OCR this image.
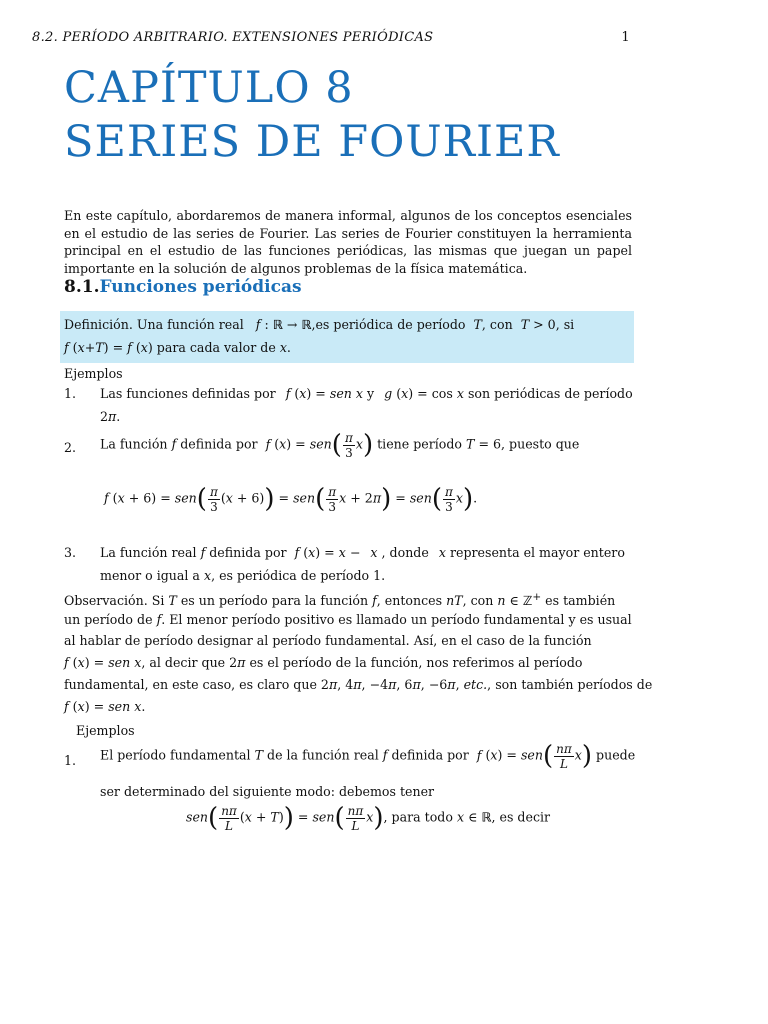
8.2. PERÍODO ARBITRARIO. EXTENSIONES PERIÓDICAS	1
CAPÍTULO 8
SERIES DE FOURIER
En este capítulo, abordaremos de manera informal, algunos de los conceptos esenciales en el estudio de las series de Fourier. Las series de Fourier constituyen la herramienta principal en el estudio de las funciones periódicas, las mismas que juegan un papel importante en la solución de algunos problemas de la física matemática.
8.1.Funciones periódicas
Definición. Una función real f : ℝ → ℝ,es periódica de período T, con T > 0, si
f (x+T) = f (x) para cada valor de x.
Ejemplos
1. Las funciones definidas por f (x) = sen x y g (x) = cos x son periódicas de período
2π.
2. La función f definida por f $(x) = sen( \frac{\pi}{3} x)$ tiene período T = 6, puesto que
f $(x + 6) = sen( \frac{\pi}{3} (x + 6)) = sen( \frac{\pi}{3}$ $x + 2\pi) = sen( \frac{\pi}{3} x)$.
3. La función real f definida por f (x) = x − x , donde x representa el mayor entero
menor o igual a x, es periódica de período 1.
Observación. Si T es un período para la función f, entonces nT, con n ∈ ℤ+ es también
un período de f. El menor período positivo es llamado un período fundamental y es usual
al hablar de período designar al período fundamental. Así, en el caso de la función
f (x) = sen x, al decir que 2π es el período de la función, nos referimos al período
fundamental, en este caso, es claro que 2π, 4π, −4π, 6π, −6π, etc., son también períodos de
f (x) = sen x.
Ejemplos
1. El período fundamental T de la función real f definida por f $(x) = sen( \frac{n\pi}{L} x)$ puede
ser determinado del siguiente modo: debemos tener
$sen( \frac{n\pi}{L} (x + T)) = sen( \frac{n\pi}{L} x)$, para todo x ∈ ℝ, es decir
